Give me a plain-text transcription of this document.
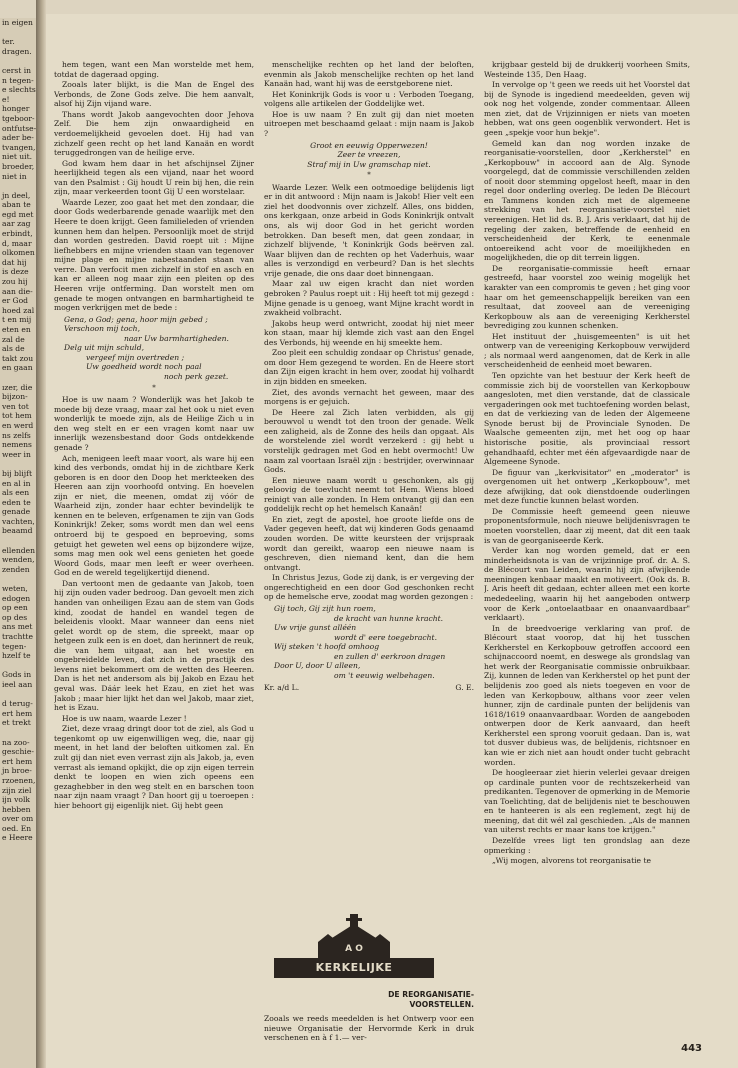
in eigen
ter.
dragen.
cerst in
n tegen-
e slechts
e!
honger
tgeboor-
ontfutse-
ader be-
tvangen,
niet uit.
broeder,
niet in
jn deel,
aban te
egd met
aar zag
erbindt,
d, maar
olkomen
dat hij
is deze
zou hij
aan die-
er God
hoed zal
t en mij
eten en
zal de
als de
takt zou
en gaan
ızer, die
bijzon-
ven tot
tot hem
en werd
ns zelfs
nemens
weer in
bij blijft
en al in
als een
eden te
genade
vachten,
beaamd
ellenden
wenden,
zenden
weten,
edogen
op een
op des
ans met
trachtte
tegen-
hzelf te
Gods in
ieel aan
d terug-
ert hem
et trekt
na zoo-
geschie-
ert hem
jn broe-
rzoenen,
zijn ziel
ijn volk
hebben
over om
oed. En
e Heere

hem tegen, want een Man worstelde met hem, totdat de dageraad opging.

Zooals later blijkt, is die Man de Engel des Verbonds, de Zone Gods zelve. Die hem aanvalt, alsof hij Zijn vijand ware.

Thans wordt Jakob aangevochten door Jehova Zelf. Die hem zijn onwaardigheid en verdoemelijkheid gevoelen doet. Hij had van zichzelf geen recht op het land Kanaän en wordt teruggedrongen van de heilige erve.

God kwam hem daar in het afschijnsel Zijner heerlijkheid tegen als een vijand, naar het woord van den Psalmist : Gij houdt U rein bij hen, die rein zijn, maar verkeerden toont Gij U een worstelaar.

Waarde Lezer, zoo gaat het met den zondaar, die door Gods wederbarende genade waarlijk met den Heere te doen krijgt. Geen familieleden of vrienden kunnen hem dan helpen. Persoonlijk moet de strijd dan worden gestreden. David roept uit : Mijne liefhebbers en mijne vrienden staan van tegenover mijne plage en mijne nabestaanden staan van verre. Dan verfocit men zichzelf in stof en asch en kan er alleen nog maar zijn een pleiten op des Heeren vrije ontferming. Dan worstelt men om genade te mogen ontvangen en barmhartigheid te mogen verkrijgen met de bede :

Gena, o God; gena, hoor mijn gebed ;
Verschoon mij toch,
naar Uw barmhartigheden.
Delg uit mijn schuld,
vergeef mijn overtreden ;
Uw goedheid wordt noch paal
noch perk gezet.
*

Hoe is uw naam ? Wonderlijk was het Jakob te moede bij deze vraag, maar zal het ook u niet even wonderlijk te moede zijn, als de Heilige Zich u in den weg stelt en er een vragen komt naar uw innerlijk wezensbestand door Gods ontdekkende genade ?

Ach, menigeen leeft maar voort, als ware hij een kind des verbonds, omdat hij in de zichtbare Kerk geboren is en door den Doop het merkteeken des Heeren aan zijn voorhoofd ontving. En hoevelen zijn er niet, die meenen, omdat zij vóór de Waarheid zijn, zonder haar echter bevindelijk te kennen en te beleven, erfgenamen te zijn van Gods Koninkrijk! Zeker, soms wordt men dan wel eens ontroerd bij te gespoed en beproeving, soms getuigt het geweten wel eens op bijzondere wijze, soms mag men ook wel eens genieten het goede Woord Gods, maar men leeft er weer overheen. God en de wereld tegelijkertijd dienend.

Dan vertoont men de gedaante van Jakob, toen hij zijn ouden vader bedroog. Dan gevoelt men zich handen van onheiligen Ezau aan de stem van Gods kind, zoodat de handel en wandel tegen de beleidenis vlookt. Maar wanneer dan eens niet gelet wordt op de stem, die spreekt, maar op hetgeen zulk een is en doet, dan herinnert de reuk, die van hem uitgaat, aan het woeste en ongebreidelde leven, dat zich in de practijk des levens niet bekommert om de wetten des Heeren. Dan is het net andersom als bij Jakob en Ezau het geval was. Dáár leek het Ezau, en ziet het was Jakob ; maar hier lijkt het dan wel Jakob, maar ziet, het is Ezau.

Hoe is uw naam, waarde Lezer !

Ziet, deze vraag dringt door tot de ziel, als God u tegenkomt op uw eigenwilligen weg, die, naar gij meent, in het land der beloften uitkomen zal. En zult gij dan niet even verrast zijn als Jakob, ja, even verrast als iemand opkijkt, die op zijn eigen terrein denkt te loopen en wien zich opeens een gezaghebber in den weg stelt en en barschen toon naar zijn naam vraagt ? Dan hoort gij u toeroepen : hier behoort gij eigenlijk niet. Gij hebt geen

menschelijke rechten op het land der beloften, evenmin als Jakob menschelijke rechten op het land Kanaän had, want hij was de eerstgeborene niet.

Het Koninkrijk Gods is voor u : Verboden Toegang, volgens alle artikelen der Goddelijke wet.

Hoe is uw naam ? En zult gij dan niet moeten uitroepen met beschaamd gelaat : mijn naam is Jakob ?

Groot en eeuwig Opperwezen!
Zeer te vreezen,
Straf mij in Uw gramschap niet.
*

Waarde Lezer. Welk een ootmoedige belijdenis ligt er in dit antwoord : Mijn naam is Jakob! Hier velt een ziel het doodvonnis over zichzelf. Alles, ons bidden, ons kerkgaan, onze arbeid in Gods Koninkrijk ontvalt ons, als wij door God in het gericht worden betrokken. Dan beseft men, dat geen zondaar, in zichzelf blijvende, 't Koninkrijk Gods beërven zal. Waar blijven dan de rechten op het Vaderhuis, waar alles is verzondigd en verbeurd? Dan is het slechts vrije genade, die ons daar doet binnengaan.

Maar zal uw eigen kracht dan niet worden gebroken ? Paulus roept uit : Hij heeft tot mij gezegd : Mijne genade is u genoeg, want Mijne kracht wordt in zwakheid volbracht.

Jakobs heup werd ontwricht, zoodat hij niet meer kon staan, maar hij klemde zich vast aan den Engel des Verbonds, hij weende en hij smeekte hem.

Zoo pleit een schuldig zondaar op Christus' genade, om door Hem gezegend te worden. En de Heere stort dan Zijn eigen kracht in hem over, zoodat hij volhardt in zijn bidden en smeeken.

Ziet, des avonds vernacht het geween, maar des morgens is er gejuich.

De Heere zal Zich laten verbidden, als gij berouwvol u wendt tot den troon der genade. Welk een zaligheid, als de Zonne des heils dan opgaat. Als de worstelende ziel wordt verzekerd : gij hebt u vorstelijk gedragen met God en hebt overmocht! Uw naam zal voortaan Israël zijn : bestrijder, overwinnaar Gods.

Een nieuwe naam wordt u geschonken, als gij geloovig de toevlucht neemt tot Hem. Wiens bloed reinigt van alle zonden. In Hem ontvangt gij dan een goddelijk recht op het hemelsch Kanaän!

En ziet, zegt de apostel, hoe groote liefde ons de Vader gegeven heeft, dat wij kinderen Gods genaamd zouden worden. De witte keursteen der vrijspraak wordt dan gereikt, waarop een nieuwe naam is geschreven, dien niemand kent, dan die hem ontvangt.

In Christus Jezus, Gode zij dank, is er vergeving der ongerechtigheid en een door God geschonken recht op de hemelsche erve, zoodat mag worden gezongen :

Gij toch, Gij zijt hun roem,
de kracht van hunne kracht.
Uw vrije gunst alléén
wordt d' eere toegebracht.
Wij steken 't hoofd omhoog
en zullen d' eerkroon dragen
Door U, door U alleen,
om 't eeuwig welbehagen.
Kr. a/d L.	G. E.
A O
KERKELIJKE RONDSCHOUW
DE REORGANISATIE-
VOORSTELLEN.
Zooals we reeds meedelden is het Ontwerp voor een nieuwe Organisatie der Hervormde Kerk in druk verschenen en à f 1.— ver-

krijgbaar gesteld bij de drukkerij voorheen Smits, Westeinde 135, Den Haag.

In vervolge op 't geen we reeds uit het Voorstel dat bij de Synode is ingediend meedeelden, geven wij ook nog het volgende, zonder commentaar. Alleen men ziet, dat de Vrijzinnigen er niets van moeten hebben, wat ons geen oogenblik verwondert. Het is geen „spekje voor hun bekje".

Gemeld kan dan nog worden inzake de reorganisatie-voorstellen, door „Kerkherstel" en „Kerkopbouw" in accoord aan de Alg. Synode voorgelegd, dat de commissie verschillenden zelden of nooit door stemming opgelost heeft, maar in den regel door onderling overleg. De leden De Blécourt en Tammens konden zich met de algemeene strekking van het reorganisatie-voorstel niet vereenigen. Het lid ds. B. J. Aris verklaart, dat hij de regeling der zaken, betreffende de eenheid en verscheidenheid der Kerk, te eenenmale ontoereikend acht voor de moeilijkheden en mogelijkheden, die op dit terrein liggen.

De reorganisatie-commissie heeft ernaar gestreefd, haar voorstel zoo weinig mogelijk het karakter van een compromis te geven ; het ging voor haar om het gemeenschappelijk bereiken van een resultaat, dat zooveel aan de vereeniging Kerkopbouw als aan de vereeniging Kerkherstel bevrediging zou kunnen schenken.

Het instituut der „huisgemeenten" is uit het ontwerp van de vereeniging Kerkopbouw verwijderd ; als normaal werd aangenomen, dat de Kerk in alle verscheidenheid de eenheid moet bewaren.

Ten opzichte van het bestuur der Kerk heeft de commissie zich bij de voorstellen van Kerkopbouw aangesloten, met dien verstande, dat de classicale vergaderingen ook met tuchtoefening worden belast, en dat de verkiezing van de leden der Algemeene Synode berust bij de Provinciale Synoden. De Waalsche gemeenten zijn, met het oog op haar historische positie, als provinciaal ressort gehandhaafd, echter met één afgevaardigde naar de Algemeene Synode.

De figuur van „kerkvisitator" en „moderator" is overgenomen uit het ontwerp „Kerkopbouw", met deze afwijking, dat ook dienstdoende ouderlingen met deze functie kunnen belast worden.

De Commissie heeft gemeend geen nieuwe proponentsformule, noch nieuwe belijdenisvragen te moeten voorstellen, daar zij meent, dat dit een taak is van de georganiseerde Kerk.

Verder kan nog worden gemeld, dat er een minderheidsnota is van de vrijzinnige prof. dr. A. S. de Blécourt van Leiden, waarin hij zijn afwijkende meeningen kenbaar maakt en motiveert. (Ook ds. B. J. Aris heeft dit gedaan, echter alleen met een korte mededeeling, waarin hij het aangeboden ontwerp voor de Kerk „ontoelaatbaar en onaanvaardbaar" verklaart).

In de breedvoerige verklaring van prof. de Blécourt staat voorop, dat hij het tusschen Kerkherstel en Kerkopbouw getroffen accoord een schijnaccoord noemt, en deswege als grondslag van het werk der Reorganisatie commissie onbruikbaar. Zij, kunnen de leden van Kerkherstel op het punt der belijdenis zoo goed als niets toegeven en voor de leden van Kerkopbouw, althans voor zeer velen hunner, zijn de cardinale punten der belijdenis van 1618/1619 onaanvaardbaar. Worden de aangeboden ontwerpen door de Kerk aanvaard, dan heeft Kerkherstel een sprong vooruit gedaan. Dan is, wat tot dusver dubieus was, de belijdenis, richtsnoer en kan wie er zich niet aan houdt onder tucht gebracht worden.

De hoogleeraar ziet hierin velerlei gevaar dreigen op cardinale punten voor de rechtszekerheid van predikanten. Tegenover de opmerking in de Memorie van Toelichting, dat de belijdenis niet te beschouwen en te hanteeren is als een reglement, zegt hij de meening, dat dit wél zal geschieden. „Als de mannen van uiterst rechts er maar kans toe krijgen."

Dezelfde vrees ligt ten grondslag aan deze opmerking :

„Wij mogen, alvorens tot reorganisatie te

443
